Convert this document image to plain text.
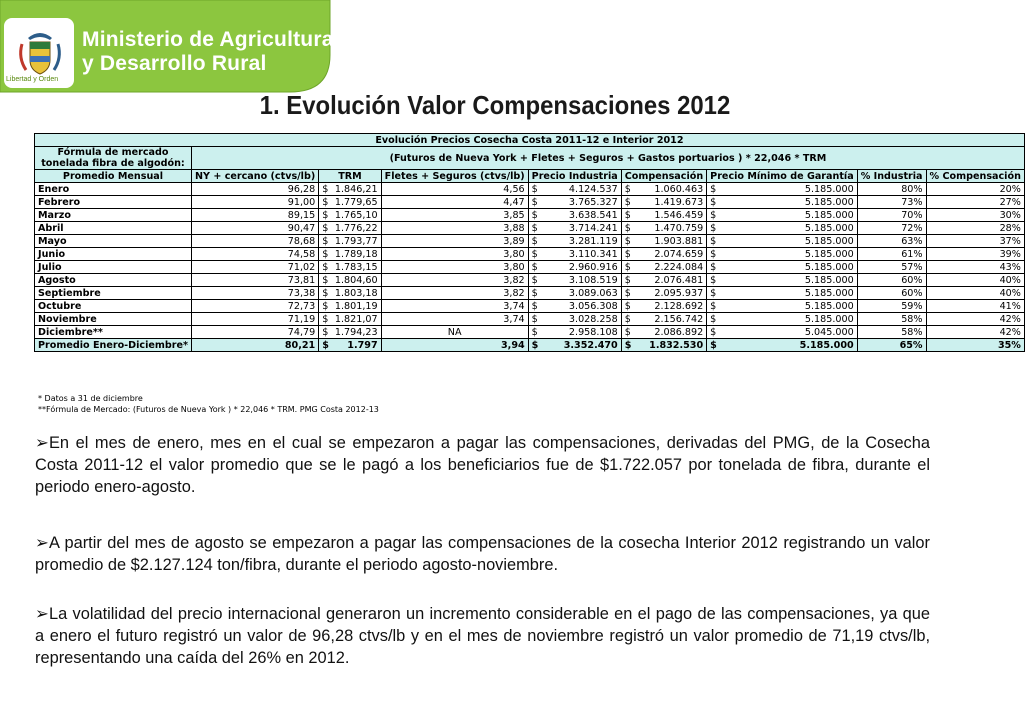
Ministerio de Agricultura
y Desarrollo Rural
Libertad y Orden
1. Evolución Valor Compensaciones 2012
Evolución Precios Cosecha Costa 2011-12 e Interior 2012												
Fórmula de mercado tonelada fibra de algodón:	(Futuros de Nueva York + Fletes + Seguros + Gastos portuarios ) * 22,046 * TRM											
Promedio Mensual	NY + cercano (ctvs/lb)	TRM		Fletes + Seguros (ctvs/lb)	Precio Industria		Compensación		Precio Mínimo de Garantía		% Industria	% Compensación
Enero	96,28	$	1.846,21	4,56	$	4.124.537	$	1.060.463	$	5.185.000	80%	20%
Febrero	91,00	$	1.779,65	4,47	$	3.765.327	$	1.419.673	$	5.185.000	73%	27%
Marzo	89,15	$	1.765,10	3,85	$	3.638.541	$	1.546.459	$	5.185.000	70%	30%
Abril	90,47	$	1.776,22	3,88	$	3.714.241	$	1.470.759	$	5.185.000	72%	28%
Mayo	78,68	$	1.793,77	3,89	$	3.281.119	$	1.903.881	$	5.185.000	63%	37%
Junio	74,58	$	1.789,18	3,80	$	3.110.341	$	2.074.659	$	5.185.000	61%	39%
Julio	71,02	$	1.783,15	3,80	$	2.960.916	$	2.224.084	$	5.185.000	57%	43%
Agosto	73,81	$	1.804,60	3,82	$	3.108.519	$	2.076.481	$	5.185.000	60%	40%
Septiembre	73,38	$	1.803,18	3,82	$	3.089.063	$	2.095.937	$	5.185.000	60%	40%
Octubre	72,73	$	1.801,19	3,74	$	3.056.308	$	2.128.692	$	5.185.000	59%	41%
Noviembre	71,19	$	1.821,07	3,74	$	3.028.258	$	2.156.742	$	5.185.000	58%	42%
Diciembre**	74,79	$	1.794,23	NA	$	2.958.108	$	2.086.892	$	5.045.000	58%	42%
Promedio Enero-Diciembre*	80,21	$	1.797	3,94	$	3.352.470	$	1.832.530	$	5.185.000	65%	35%
* Datos a 31 de diciembre
**Fórmula de Mercado: (Futuros de Nueva York ) * 22,046 * TRM. PMG Costa 2012-13
➢En el mes de enero, mes en el cual se empezaron a pagar las compensaciones, derivadas del PMG, de la Cosecha Costa 2011-12 el valor promedio que se le pagó a los beneficiarios fue de $1.722.057 por tonelada de fibra, durante el periodo enero-agosto.
➢A partir del mes de agosto se empezaron a pagar las compensaciones de la cosecha Interior 2012 registrando un valor promedio de $2.127.124 ton/fibra, durante el periodo agosto-noviembre.
➢La volatilidad del precio internacional generaron un incremento considerable en el pago de las compensaciones, ya que a enero el futuro registró un valor de 96,28 ctvs/lb y en el mes de noviembre registró un valor promedio de 71,19 ctvs/lb, representando una caída del 26% en 2012.
